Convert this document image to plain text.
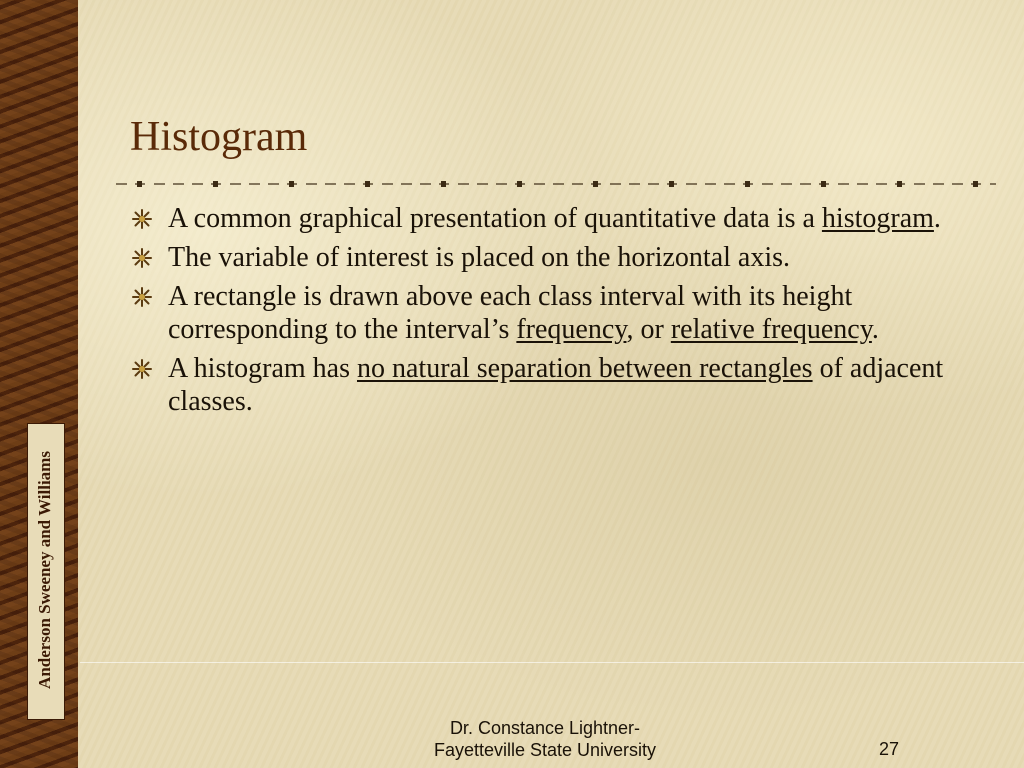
Anderson Sweeney and Williams
Histogram
A common graphical presentation of quantitative data is a histogram.
The variable of interest is placed on the horizontal axis.
A rectangle is drawn above each class interval with its height corresponding to the interval’s frequency, or relative frequency.
A histogram has no natural separation between rectangles of adjacent classes.
Dr. Constance Lightner-
Fayetteville State University	27
